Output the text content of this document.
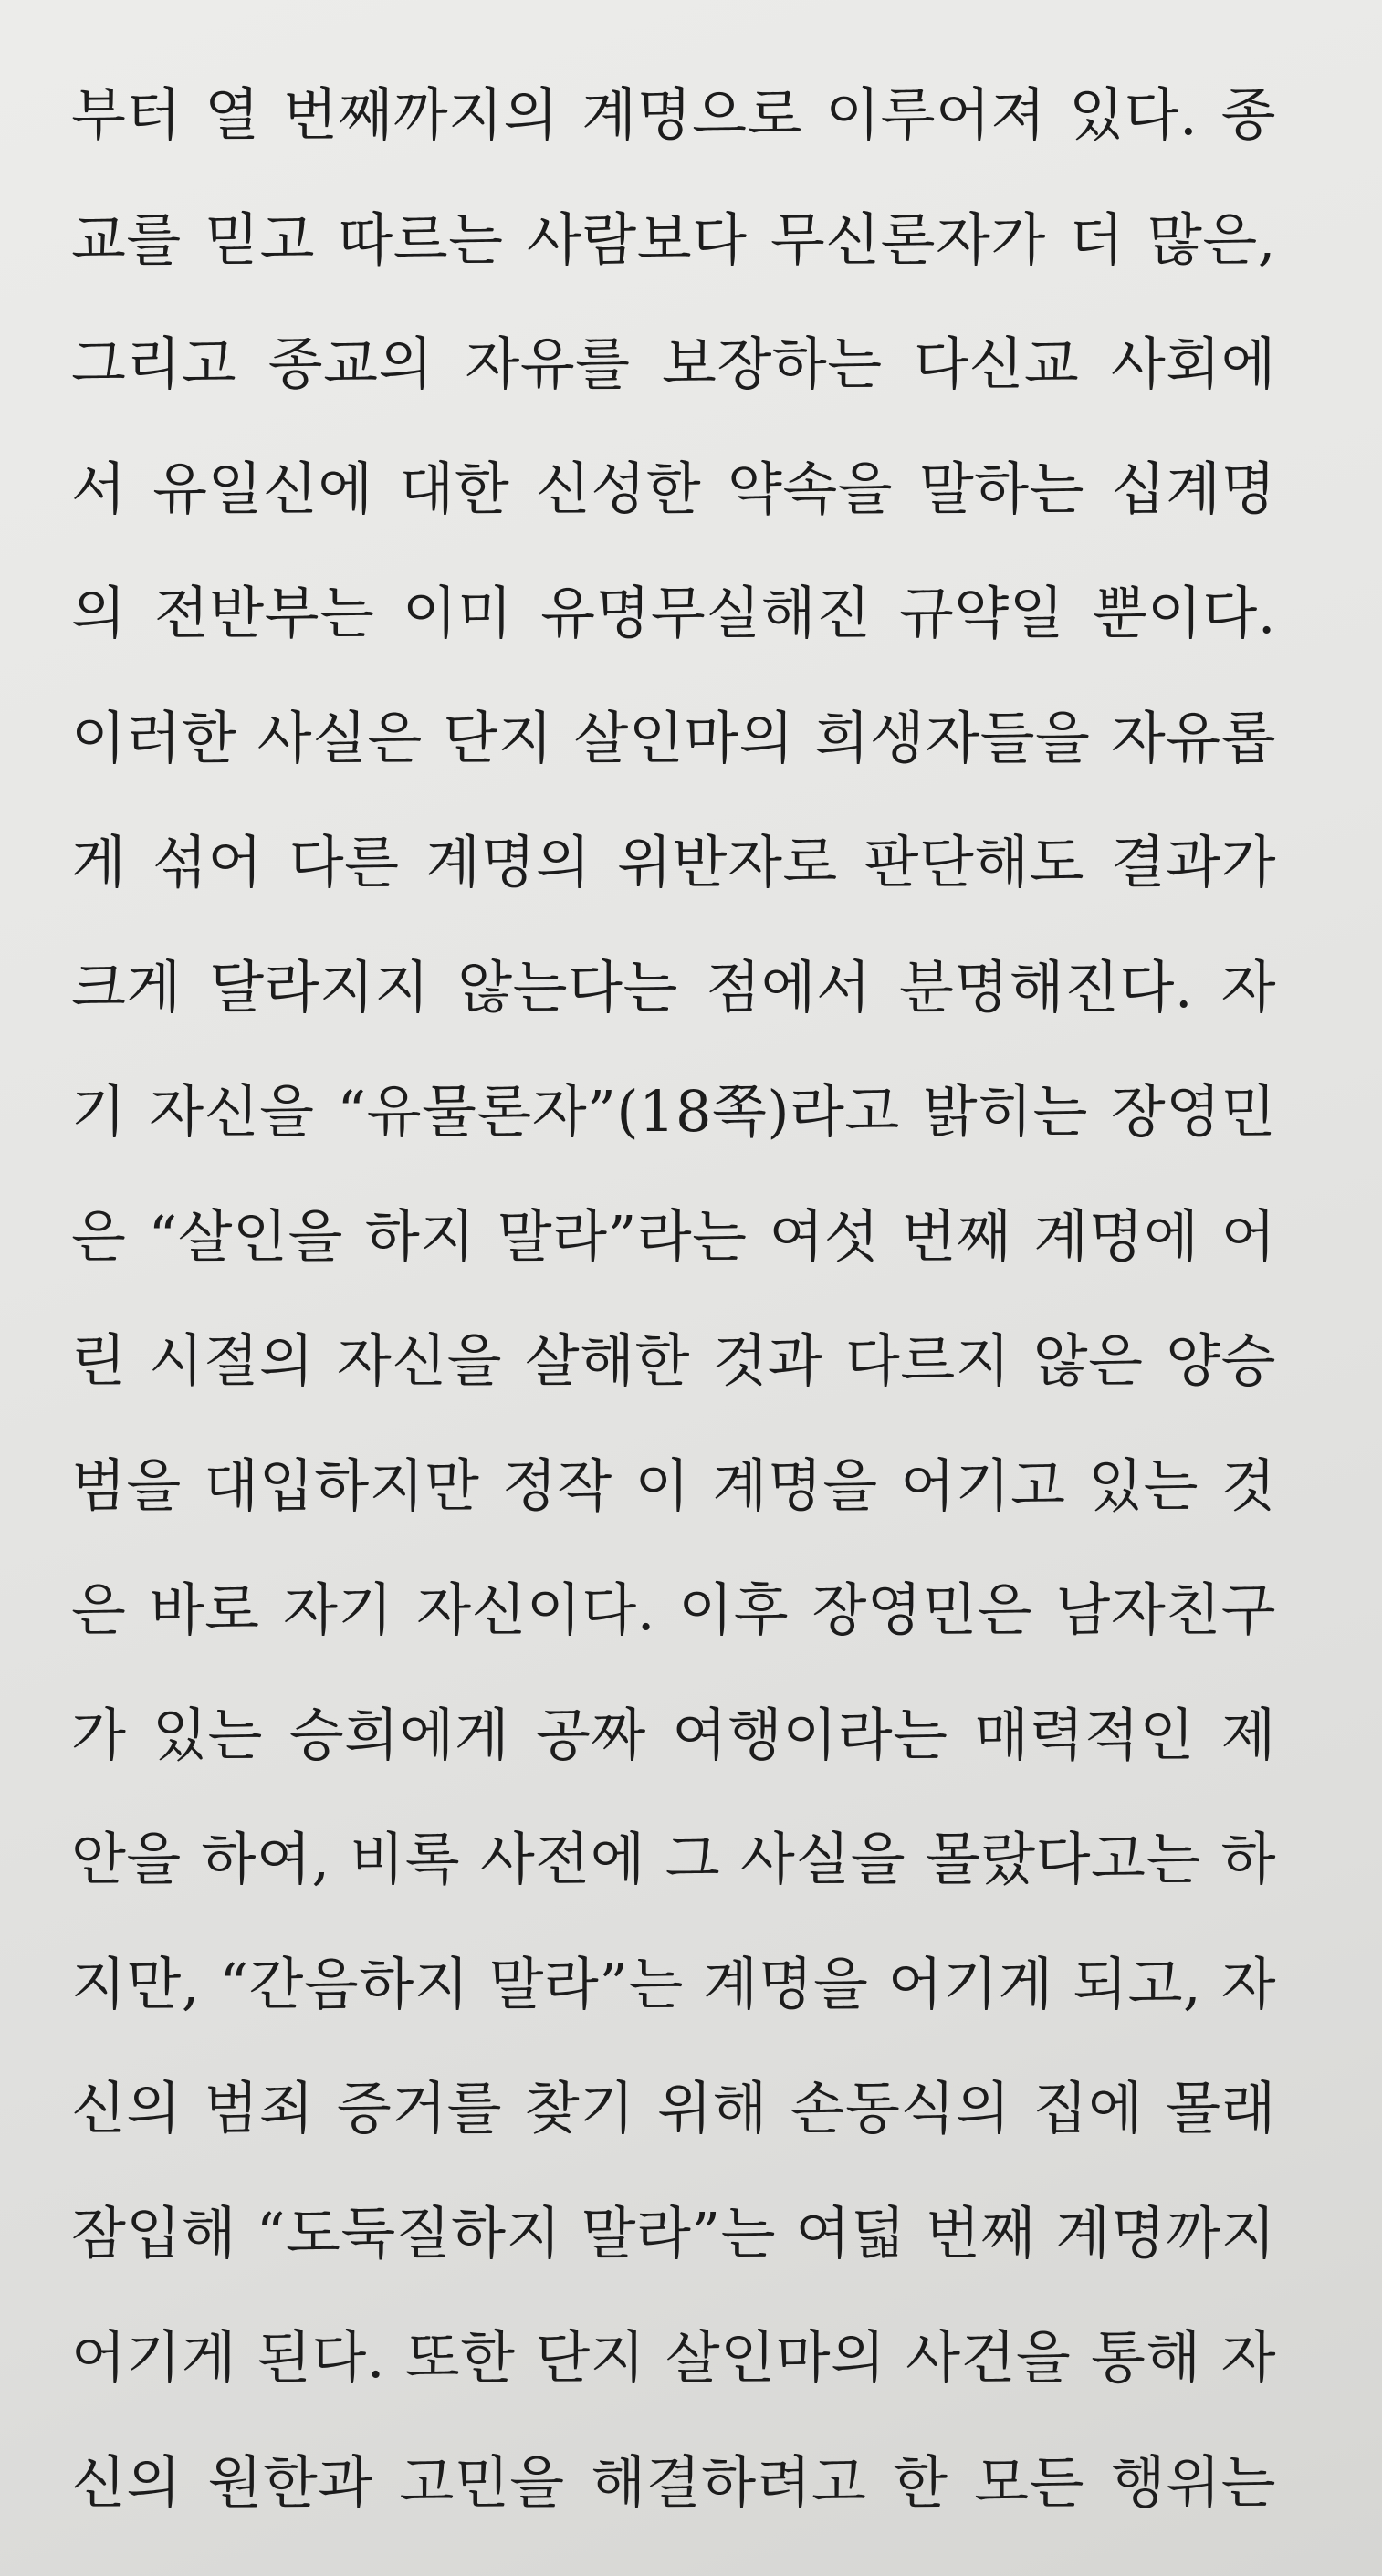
부터 열 번째까지의 계명으로 이루어져 있다. 종
교를 믿고 따르는 사람보다 무신론자가 더 많은,
그리고 종교의 자유를 보장하는 다신교 사회에
서 유일신에 대한 신성한 약속을 말하는 십계명
의 전반부는 이미 유명무실해진 규약일 뿐이다.
이러한 사실은 단지 살인마의 희생자들을 자유롭
게 섞어 다른 계명의 위반자로 판단해도 결과가
크게 달라지지 않는다는 점에서 분명해진다. 자
기 자신을 “유물론자”(18쪽)라고 밝히는 장영민
은 “살인을 하지 말라”라는 여섯 번째 계명에 어
린 시절의 자신을 살해한 것과 다르지 않은 양승
범을 대입하지만 정작 이 계명을 어기고 있는 것
은 바로 자기 자신이다. 이후 장영민은 남자친구
가 있는 승희에게 공짜 여행이라는 매력적인 제
안을 하여, 비록 사전에 그 사실을 몰랐다고는 하
지만, “간음하지 말라”는 계명을 어기게 되고, 자
신의 범죄 증거를 찾기 위해 손동식의 집에 몰래
잠입해 “도둑질하지 말라”는 여덟 번째 계명까지
어기게 된다. 또한 단지 살인마의 사건을 통해 자
신의 원한과 고민을 해결하려고 한 모든 행위는
